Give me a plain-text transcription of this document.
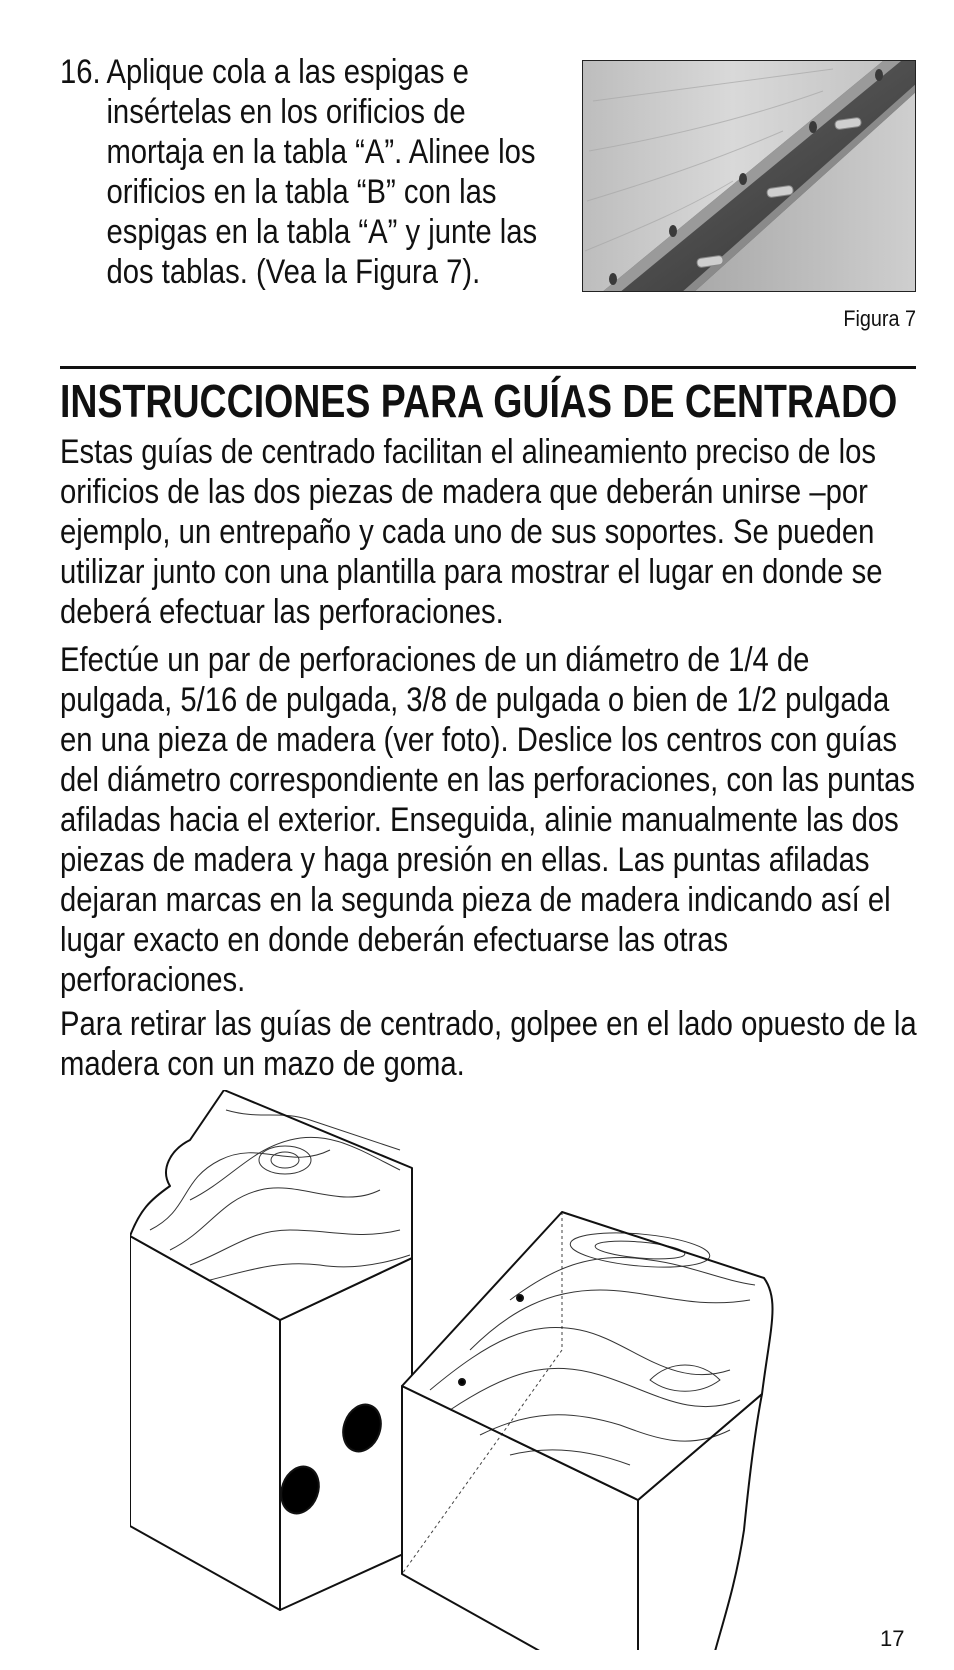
16. Aplique cola a las espigas e insértelas en los orificios de mortaja en la tabla “A”. Alinee los orificios en la tabla “B” con las espigas en la tabla “A” y junte las dos tablas. (Vea la Figura 7).
Figura 7
INSTRUCCIONES PARA GUÍAS DE CENTRADO
Estas guías de centrado facilitan el alineamiento preciso de los orificios de las dos piezas de madera que deberán unirse –por ejemplo, un entrepaño y cada uno de sus soportes. Se pueden utilizar junto con una plantilla para mostrar el lugar en donde se deberá efectuar las perforaciones.
Efectúe un par de perforaciones de un diámetro de 1/4 de pulgada, 5/16 de pulgada, 3/8 de pulgada o bien de 1/2 pulgada en una pieza de madera (ver foto). Deslice los centros con guías del diámetro correspondiente en las perforaciones, con las puntas afiladas hacia el exterior. Enseguida, alinie manualmente las dos piezas de madera y haga presión en ellas. Las puntas afiladas dejaran marcas en la segunda pieza de madera indicando así el lugar exacto en donde deberán efectuarse las otras perforaciones.
Para retirar las guías de centrado, golpee en el lado opuesto de la madera con un mazo de goma.
17
